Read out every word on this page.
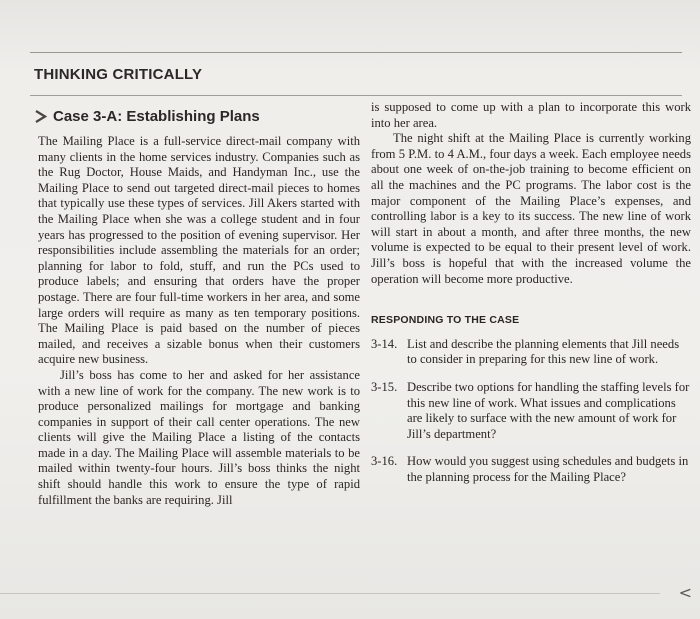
THINKING CRITICALLY
Case 3-A: Establishing Plans

The Mailing Place is a full-service direct-mail company with many clients in the home services industry. Companies such as the Rug Doctor, House Maids, and Handyman Inc., use the Mailing Place to send out targeted direct-mail pieces to homes that typically use these types of services. Jill Akers started with the Mailing Place when she was a college student and in four years has progressed to the position of evening supervisor. Her responsibilities include assembling the materials for an order; planning for labor to fold, stuff, and run the PCs used to produce labels; and ensuring that orders have the proper postage. There are four full-time workers in her area, and some large orders will require as many as ten temporary positions. The Mailing Place is paid based on the number of pieces mailed, and receives a sizable bonus when their customers acquire new business.

Jill’s boss has come to her and asked for her assistance with a new line of work for the company. The new work is to produce personalized mailings for mortgage and banking companies in support of their call center operations. The new clients will give the Mailing Place a listing of the contacts made in a day. The Mailing Place will assemble materials to be mailed within twenty-four hours. Jill’s boss thinks the night shift should handle this work to ensure the type of rapid fulfillment the banks are requiring. Jill

is supposed to come up with a plan to incorporate this work into her area.

The night shift at the Mailing Place is currently working from 5 P.M. to 4 A.M., four days a week. Each employee needs about one week of on-the-job training to become efficient on all the machines and the PC programs. The labor cost is the major component of the Mailing Place’s expenses, and controlling labor is a key to its success. The new line of work will start in about a month, and after three months, the new volume is expected to be equal to their present level of work. Jill’s boss is hopeful that with the increased volume the operation will become more productive.

RESPONDING TO THE CASE
3-14. List and describe the planning elements that Jill needs to consider in preparing for this new line of work.
3-15. Describe two options for handling the staffing levels for this new line of work. What issues and complications are likely to surface with the new amount of work for Jill’s department?
3-16. How would you suggest using schedules and budgets in the planning process for the Mailing Place?
<
